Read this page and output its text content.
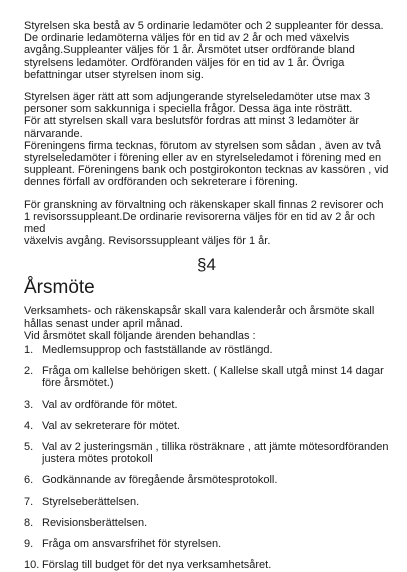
Styrelsen ska bestå av 5 ordinarie ledamöter och 2 suppleanter för dessa.
De ordinarie ledamöterna väljes för en tid av 2 år och med växelvis
avgång.Suppleanter väljes för 1 år. Årsmötet utser ordförande bland
styrelsens ledamöter. Ordföranden väljes för en tid av 1 år. Övriga
befattningar utser styrelsen inom sig.

Styrelsen äger rätt att som adjungerande styrelseledamöter utse max 3
personer som sakkunniga i speciella frågor. Dessa äga inte rösträtt.
För att styrelsen skall vara beslutsför fordras att minst 3 ledamöter är
närvarande.
Föreningens firma tecknas, förutom av styrelsen som sådan , även av två
styrelseledamöter i förening eller av en styrelseledamot i förening med en
suppleant. Föreningens bank och postgirokonton tecknas av kassören , vid
dennes förfall av ordföranden och sekreterare i förening.

För granskning av förvaltning och räkenskaper skall finnas 2 revisorer och
1 revisorssuppleant.De ordinarie revisorerna väljes för en tid av 2 år och med
växelvis avgång. Revisorssuppleant väljes för 1 år.

§4
Årsmöte

Verksamhets- och räkenskapsår skall vara kalenderår och årsmöte skall
hållas senast under april månad.
Vid årsmötet skall följande ärenden behandlas :

1. Medlemsupprop och fastställande av röstlängd.
2. Fråga om kallelse behörigen skett. ( Kallelse skall utgå minst 14 dagar
före årsmötet.)
3. Val av ordförande för mötet.
4. Val av sekreterare för mötet.
5. Val av 2 justeringsmän , tillika rösträknare , att jämte mötesordföranden
justera mötes protokoll
6. Godkännande av föregående årsmötesprotokoll.
7. Styrelseberättelsen.
8. Revisionsberättelsen.
9. Fråga om ansvarsfrihet för styrelsen.
10. Förslag till budget för det nya verksamhetsåret.
